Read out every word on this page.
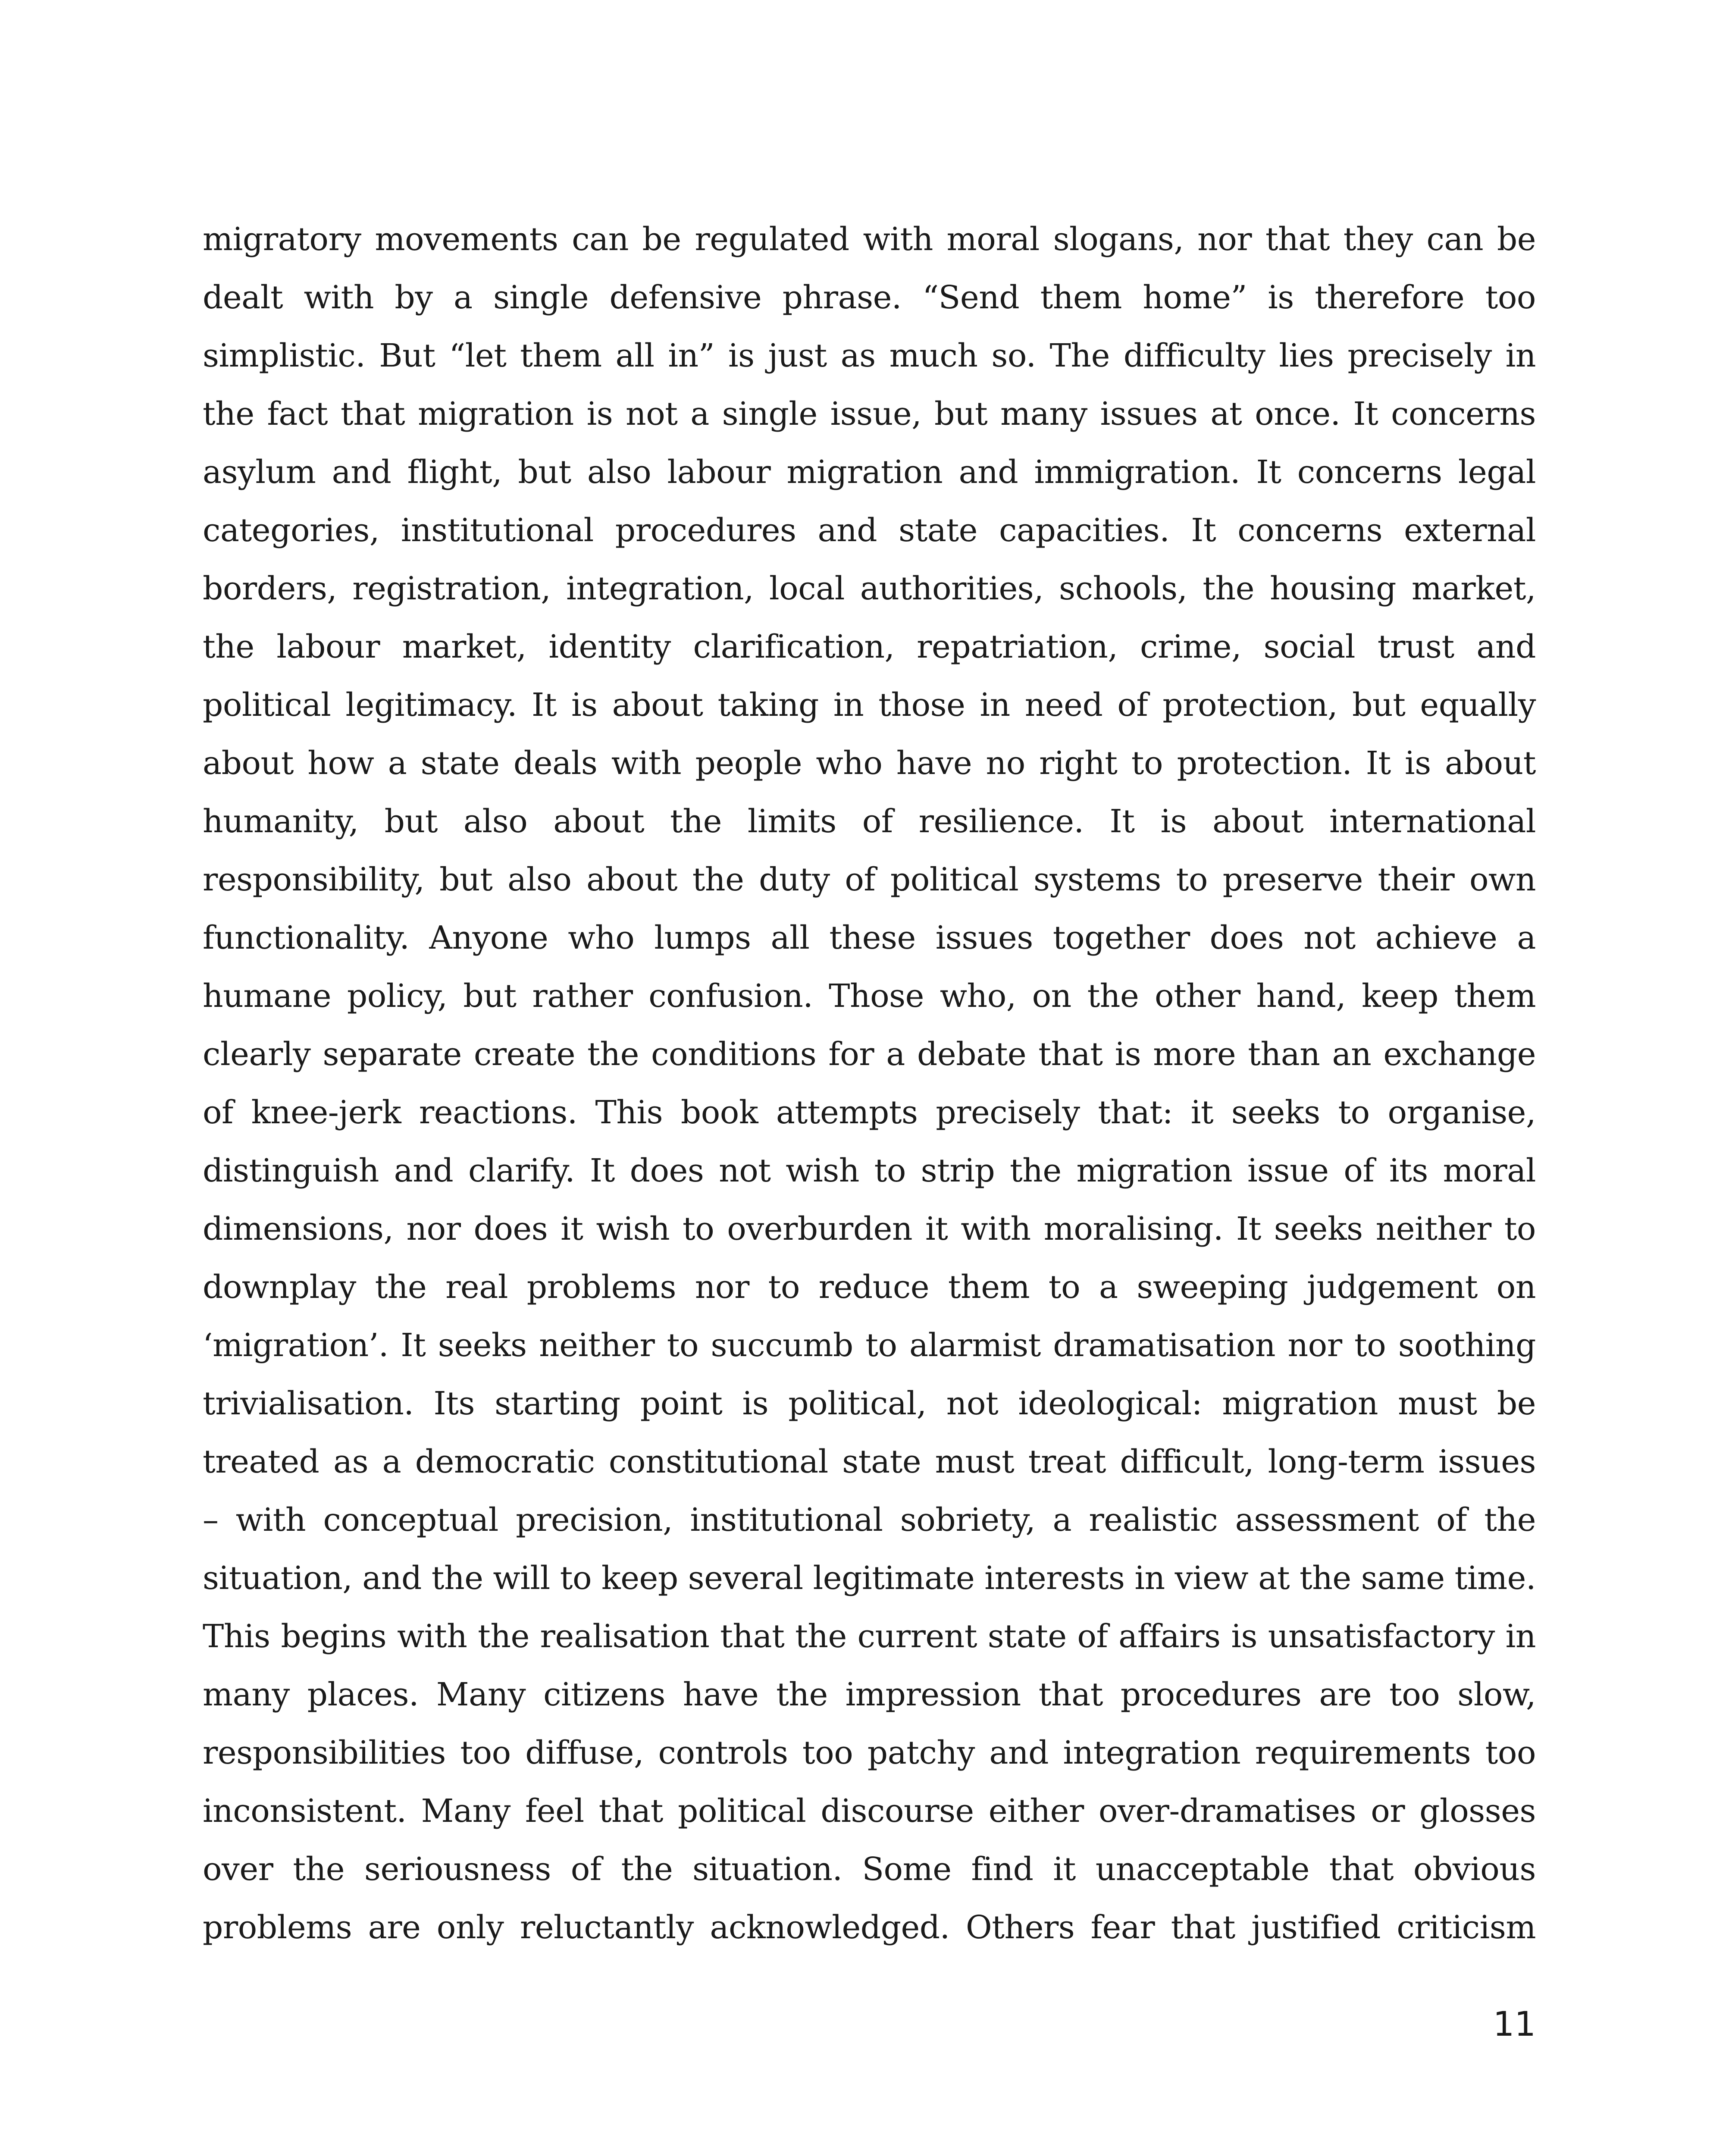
migratory movements can be regulated with moral slogans, nor that they can be
dealt with by a single defensive phrase. “Send them home” is therefore too
simplistic. But “let them all in” is just as much so. The difficulty lies precisely in
the fact that migration is not a single issue, but many issues at once. It concerns
asylum and flight, but also labour migration and immigration. It concerns legal
categories, institutional procedures and state capacities. It concerns external
borders, registration, integration, local authorities, schools, the housing market,
the labour market, identity clarification, repatriation, crime, social trust and
political legitimacy. It is about taking in those in need of protection, but equally
about how a state deals with people who have no right to protection. It is about
humanity, but also about the limits of resilience. It is about international
responsibility, but also about the duty of political systems to preserve their own
functionality. Anyone who lumps all these issues together does not achieve a
humane policy, but rather confusion. Those who, on the other hand, keep them
clearly separate create the conditions for a debate that is more than an exchange
of knee-jerk reactions. This book attempts precisely that: it seeks to organise,
distinguish and clarify. It does not wish to strip the migration issue of its moral
dimensions, nor does it wish to overburden it with moralising. It seeks neither to
downplay the real problems nor to reduce them to a sweeping judgement on
‘migration’. It seeks neither to succumb to alarmist dramatisation nor to soothing
trivialisation. Its starting point is political, not ideological: migration must be
treated as a democratic constitutional state must treat difficult, long-term issues
– with conceptual precision, institutional sobriety, a realistic assessment of the
situation, and the will to keep several legitimate interests in view at the same time.
This begins with the realisation that the current state of affairs is unsatisfactory in
many places. Many citizens have the impression that procedures are too slow,
responsibilities too diffuse, controls too patchy and integration requirements too
inconsistent. Many feel that political discourse either over-dramatises or glosses
over the seriousness of the situation. Some find it unacceptable that obvious
problems are only reluctantly acknowledged. Others fear that justified criticism
11
